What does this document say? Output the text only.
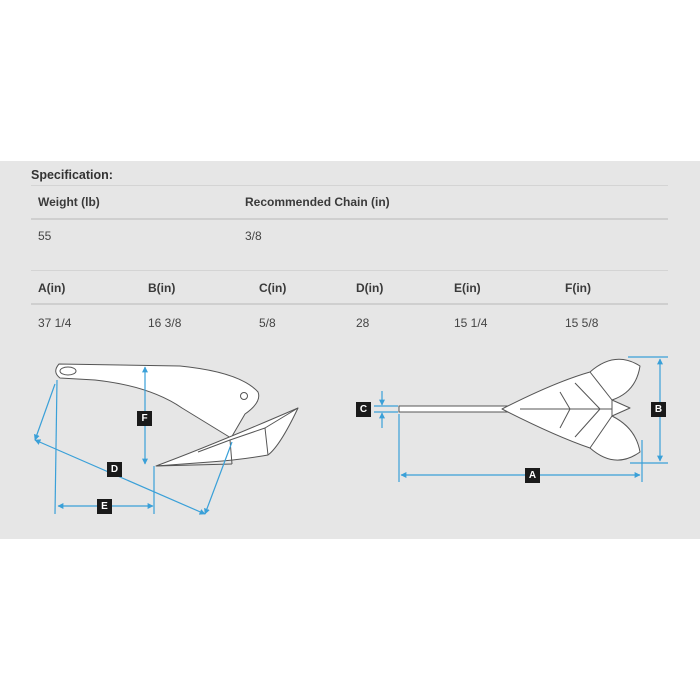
Specification:
Weight (lb)	Recommended Chain (in)
55	3/8
A(in)	B(in)	C(in)	D(in)	E(in)	F(in)
37 1/4	16 3/8	5/8	28	15 1/4	15 5/8
F
D
E
C	B
A
